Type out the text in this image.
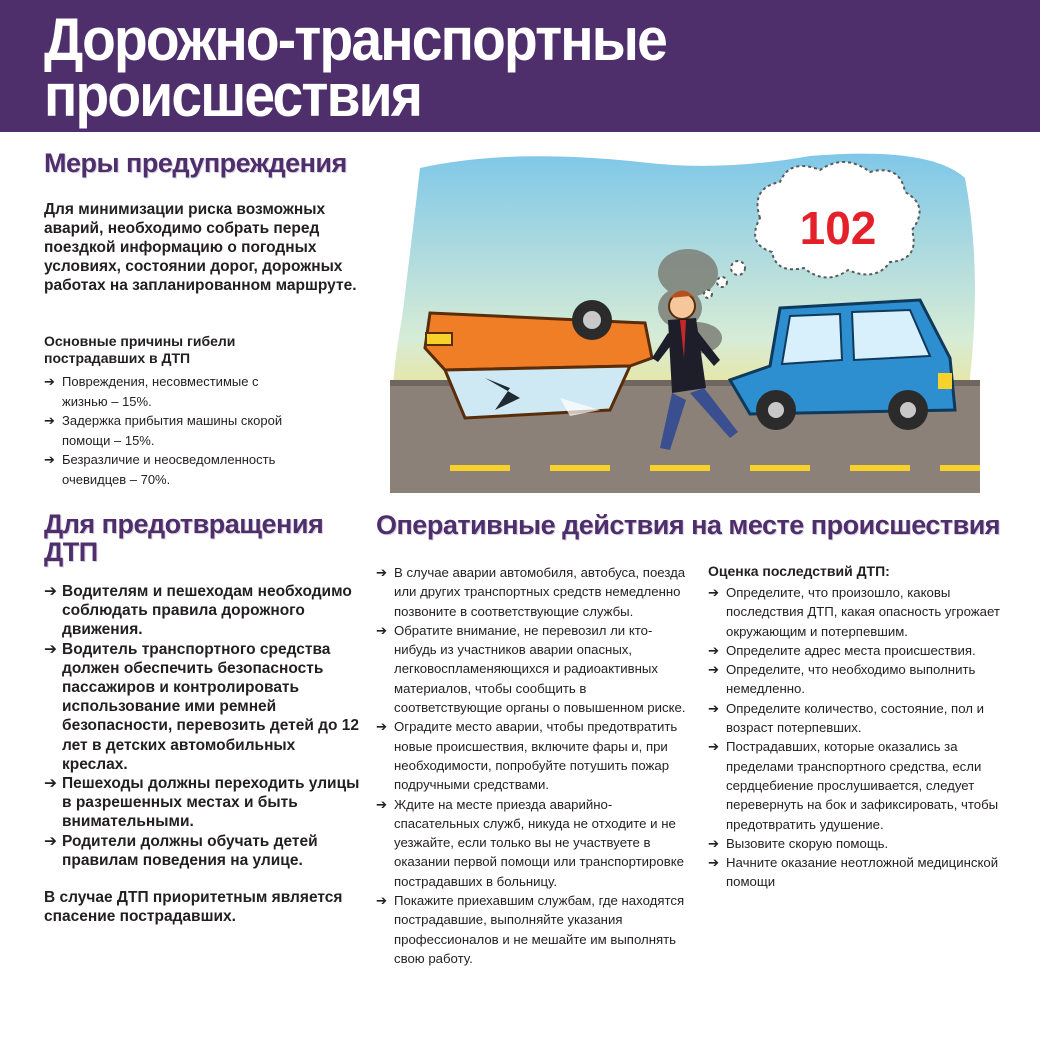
Дорожно-транспортные
происшествия
Меры предупреждения

Для минимизации риска возможных аварий, необходимо собрать перед поездкой информацию о погодных условиях, состоянии дорог, дорожных работах на запланированном маршруте.

Основные причины гибели пострадавших в ДТП
➔ Повреждения, несовместимые с жизнью – 15%.
➔ Задержка прибытия машины скорой помощи – 15%.
➔ Безразличие и неосведомленность очевидцев – 70%.
102
Для предотвращения ДТП
➔ Водителям и пешеходам необходимо соблюдать правила дорожного движения.
➔ Водитель транспортного средства должен обеспечить безопасность пассажиров и контролировать использование ими ремней безопасности, перевозить детей до 12 лет в детских автомобильных креслах.
➔ Пешеходы должны переходить улицы в разрешенных местах и быть внимательными.
➔ Родители должны обучать детей правилам поведения на улице.

В случае ДТП приоритетным является спасение пострадавших.

Оперативные действия на месте происшествия
➔ В случае аварии автомобиля, автобуса, поезда или других транспортных средств немедленно позвоните в соответствующие службы.
➔ Обратите внимание, не перевозил ли кто-нибудь из участников аварии опасных, легковоспламеняющихся и радиоактивных материалов, чтобы сообщить в соответствующие органы о повышенном риске.
➔ Оградите место аварии, чтобы предотвратить новые происшествия, включите фары и, при необходимости, попробуйте потушить пожар подручными средствами.
➔ Ждите на месте приезда аварийно-спасательных служб, никуда не отходите и не уезжайте, если только вы не участвуете в оказании первой помощи или транспортировке пострадавших в больницу.
➔ Покажите приехавшим службам, где находятся пострадавшие, выполняйте указания профессионалов и не мешайте им выполнять свою работу.
Оценка последствий ДТП:
➔ Определите, что произошло, каковы последствия ДТП, какая опасность угрожает окружающим и потерпевшим.
➔ Определите адрес места происшествия.
➔ Определите, что необходимо выполнить немедленно.
➔ Определите количество, состояние, пол и возраст потерпевших.
➔ Пострадавших, которые оказались за пределами транспортного средства, если сердцебиение прослушивается, следует перевернуть на бок и зафиксировать, чтобы предотвратить удушение.
➔ Вызовите скорую помощь.
➔ Начните оказание неотложной медицинской помощи
